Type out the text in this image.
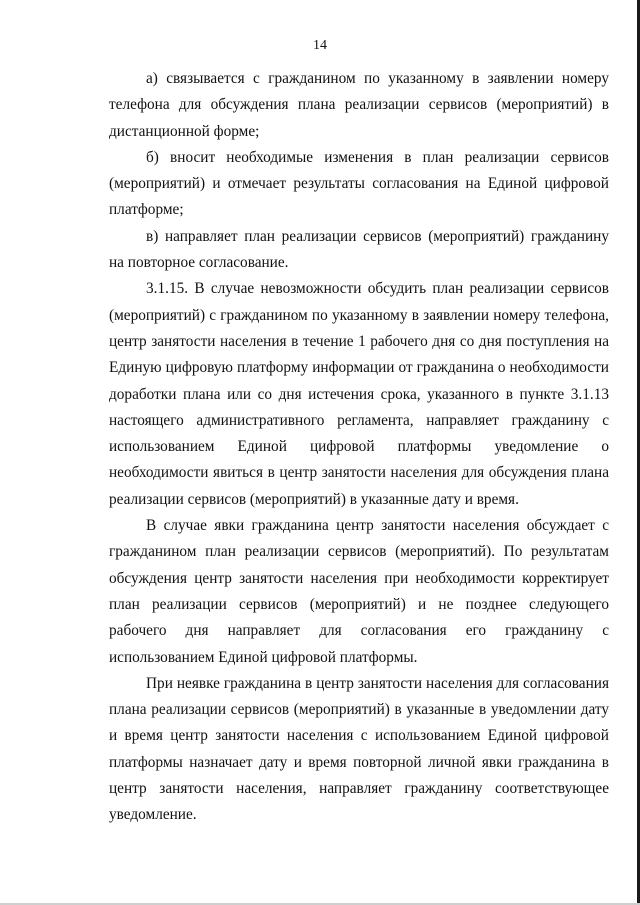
14

а) связывается с гражданином по указанному в заявлении номеру телефона для обсуждения плана реализации сервисов (мероприятий) в дистанционной форме;

б) вносит необходимые изменения в план реализации сервисов (мероприятий) и отмечает результаты согласования на Единой цифровой платформе;

в) направляет план реализации сервисов (мероприятий) гражданину на повторное согласование.

3.1.15. В случае невозможности обсудить план реализации сервисов (мероприятий) с гражданином по указанному в заявлении номеру телефона, центр занятости населения в течение 1 рабочего дня со дня поступления на Единую цифровую платформу информации от гражданина о необходимости доработки плана или со дня истечения срока, указанного в пункте 3.1.13 настоящего административного регламента, направляет гражданину с использованием Единой цифровой платформы уведомление о необходимости явиться в центр занятости населения для обсуждения плана реализации сервисов (мероприятий) в указанные дату и время.

В случае явки гражданина центр занятости населения обсуждает с гражданином план реализации сервисов (мероприятий). По результатам обсуждения центр занятости населения при необходимости корректирует план реализации сервисов (мероприятий) и не позднее следующего рабочего дня направляет для согласования его гражданину с использованием Единой цифровой платформы.

При неявке гражданина в центр занятости населения для согласования плана реализации сервисов (мероприятий) в указанные в уведомлении дату и время центр занятости населения с использованием Единой цифровой платформы назначает дату и время повторной личной явки гражданина в центр занятости населения, направляет гражданину соответствующее уведомление.
